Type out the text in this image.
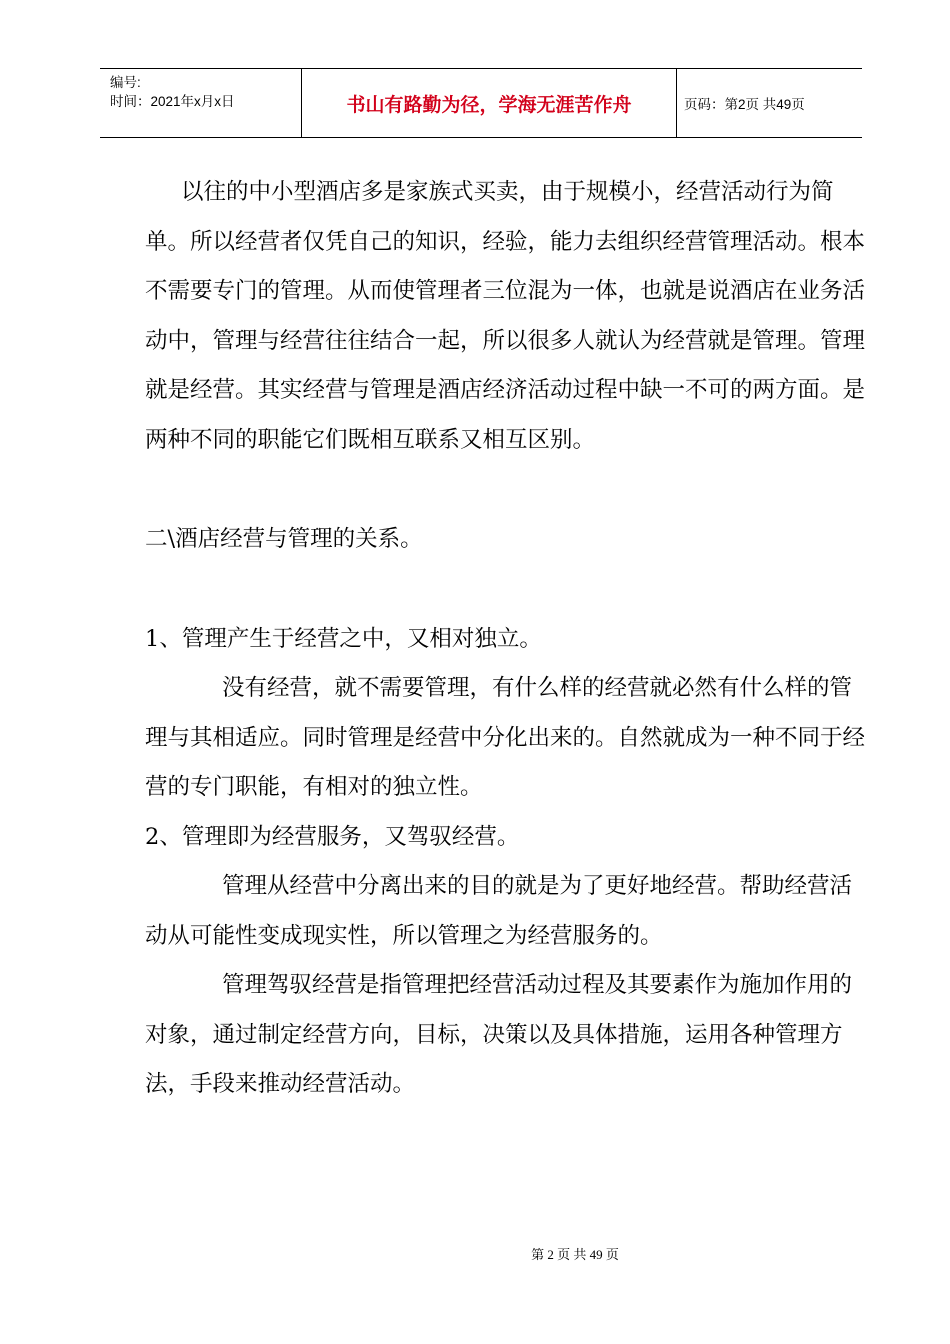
编号:
时间：2021年x月x日	书山有路勤为径，学海无涯苦作舟	页码：第2页 共49页

以往的中小型酒店多是家族式买卖，由于规模小，经营活动行为简单。所以经营者仅凭自己的知识，经验，能力去组织经营管理活动。根本不需要专门的管理。从而使管理者三位混为一体，也就是说酒店在业务活动中，管理与经营往往结合一起，所以很多人就认为经营就是管理。管理就是经营。其实经营与管理是酒店经济活动过程中缺一不可的两方面。是两种不同的职能它们既相互联系又相互区别。

二\酒店经营与管理的关系。

1、管理产生于经营之中，又相对独立。

没有经营，就不需要管理，有什么样的经营就必然有什么样的管理与其相适应。同时管理是经营中分化出来的。自然就成为一种不同于经营的专门职能，有相对的独立性。

2、管理即为经营服务，又驾驭经营。

管理从经营中分离出来的目的就是为了更好地经营。帮助经营活动从可能性变成现实性，所以管理之为经营服务的。

管理驾驭经营是指管理把经营活动过程及其要素作为施加作用的对象，通过制定经营方向，目标，决策以及具体措施，运用各种管理方法，手段来推动经营活动。

第 2 页 共 49 页
